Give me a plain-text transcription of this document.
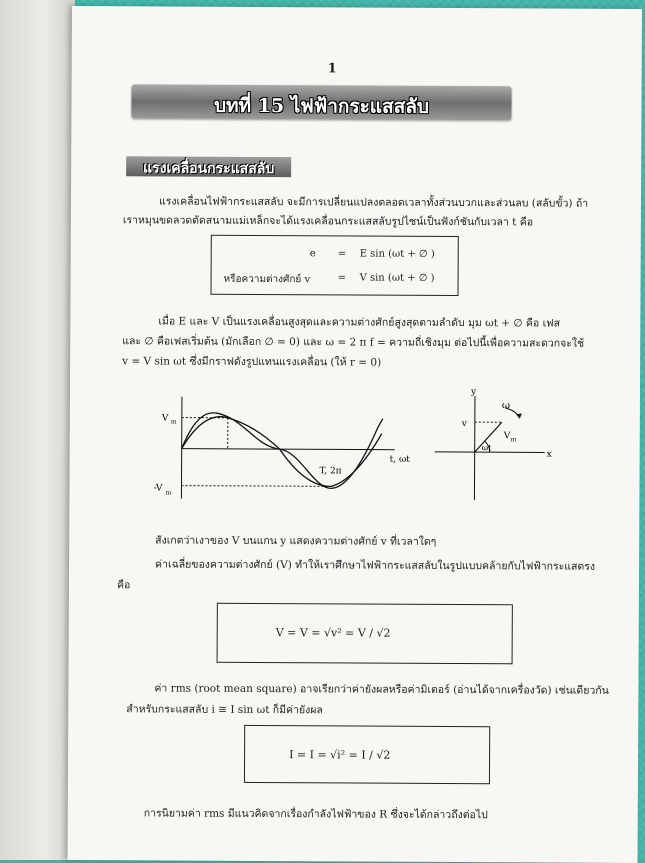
1
บทที่ 15 ไฟฟ้ากระแสสลับ
แรงเคลื่อนกระแสสลับ
แรงเคลื่อนไฟฟ้ากระแสสลับ จะมีการเปลี่ยนแปลงตลอดเวลาทั้งส่วนบวกและส่วนลบ (สลับขั้ว) ถ้า
เราหมุนขดลวดตัดสนามแม่เหล็กจะได้แรงเคลื่อนกระแสสลับรูปไซน์เป็นฟังก์ชันกับเวลา t คือ
e = E sin (ωt + ∅ )
หรือความต่างศักย์ v	= V sin (ωt + ∅ )
เมื่อ E และ V เป็นแรงเคลื่อนสูงสุดและความต่างศักย์สูงสุดตามลำดับ มุม ωt + ∅ คือ เฟส
และ ∅ คือเฟสเริ่มต้น (มักเลือก ∅ = 0) และ ω = 2 π f = ความถี่เชิงมุม ต่อไปนี้เพื่อความสะดวกจะใช้
v = V sin ωt ซึ่งมีกราฟดังรูปแทนแรงเคลื่อน (ให้ r = 0)
V m
-V m
t, ωt
T, 2π
y
x
v
V m
ω
ωt
สังเกตว่าเงาของ V บนแกน y แสดงความต่างศักย์ v ที่เวลาใดๆ
ค่าเฉลี่ยของความต่างศักย์ (V) ทำให้เราศึกษาไฟฟ้ากระแสสลับในรูปแบบคล้ายกับไฟฟ้ากระแสตรง
คือ
V = V = √v² = V / √2
ค่า rms (root mean square) อาจเรียกว่าค่ายังผลหรือค่ามิเตอร์ (อ่านได้จากเครื่องวัด) เช่นเดียวกัน
สำหรับกระแสสลับ i ≅ I sin ωt ก็มีค่ายังผล
I = I = √i² = I / √2
การนิยามค่า rms มีแนวคิดจากเรื่องกำลังไฟฟ้าของ R ซึ่งจะได้กล่าวถึงต่อไป
